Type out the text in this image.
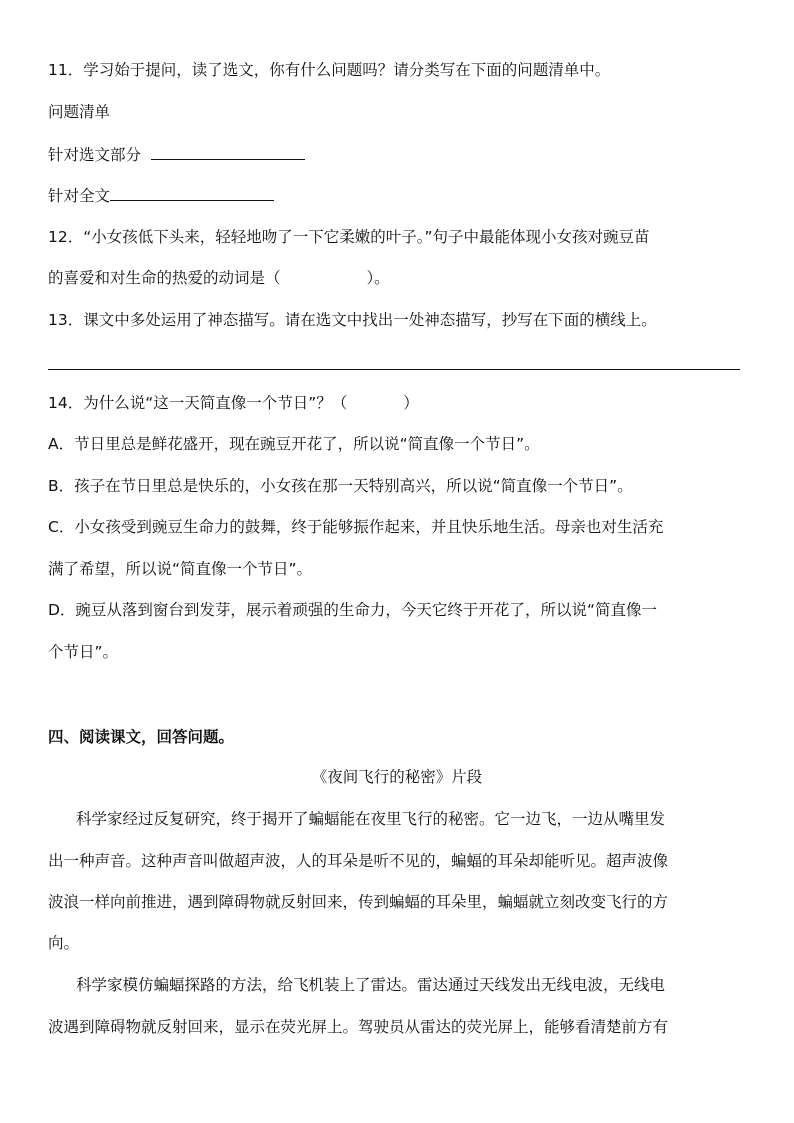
11．学习始于提问，读了选文，你有什么问题吗？请分类写在下面的问题清单中。
问题清单
针对选文部分
针对全文
12．“小女孩低下头来，轻轻地吻了一下它柔嫩的叶子。”句子中最能体现小女孩对豌豆苗
的喜爱和对生命的热爱的动词是（	）。
13．课文中多处运用了神态描写。请在选文中找出一处神态描写，抄写在下面的横线上。
14．为什么说“这一天简直像一个节日”？（	）
A．节日里总是鲜花盛开，现在豌豆开花了，所以说“简直像一个节日”。
B．孩子在节日里总是快乐的，小女孩在那一天特别高兴，所以说“简直像一个节日”。
C．小女孩受到豌豆生命力的鼓舞，终于能够振作起来，并且快乐地生活。母亲也对生活充
满了希望，所以说“简直像一个节日”。
D．豌豆从落到窗台到发芽，展示着顽强的生命力，今天它终于开花了，所以说“简直像一
个节日”。
四、阅读课文，回答问题。
《夜间飞行的秘密》片段
科学家经过反复研究，终于揭开了蝙蝠能在夜里飞行的秘密。它一边飞，一边从嘴里发
出一种声音。这种声音叫做超声波，人的耳朵是听不见的，蝙蝠的耳朵却能听见。超声波像
波浪一样向前推进，遇到障碍物就反射回来，传到蝙蝠的耳朵里，蝙蝠就立刻改变飞行的方
向。
科学家模仿蝙蝠探路的方法，给飞机装上了雷达。雷达通过天线发出无线电波，无线电
波遇到障碍物就反射回来，显示在荧光屏上。驾驶员从雷达的荧光屏上，能够看清楚前方有
